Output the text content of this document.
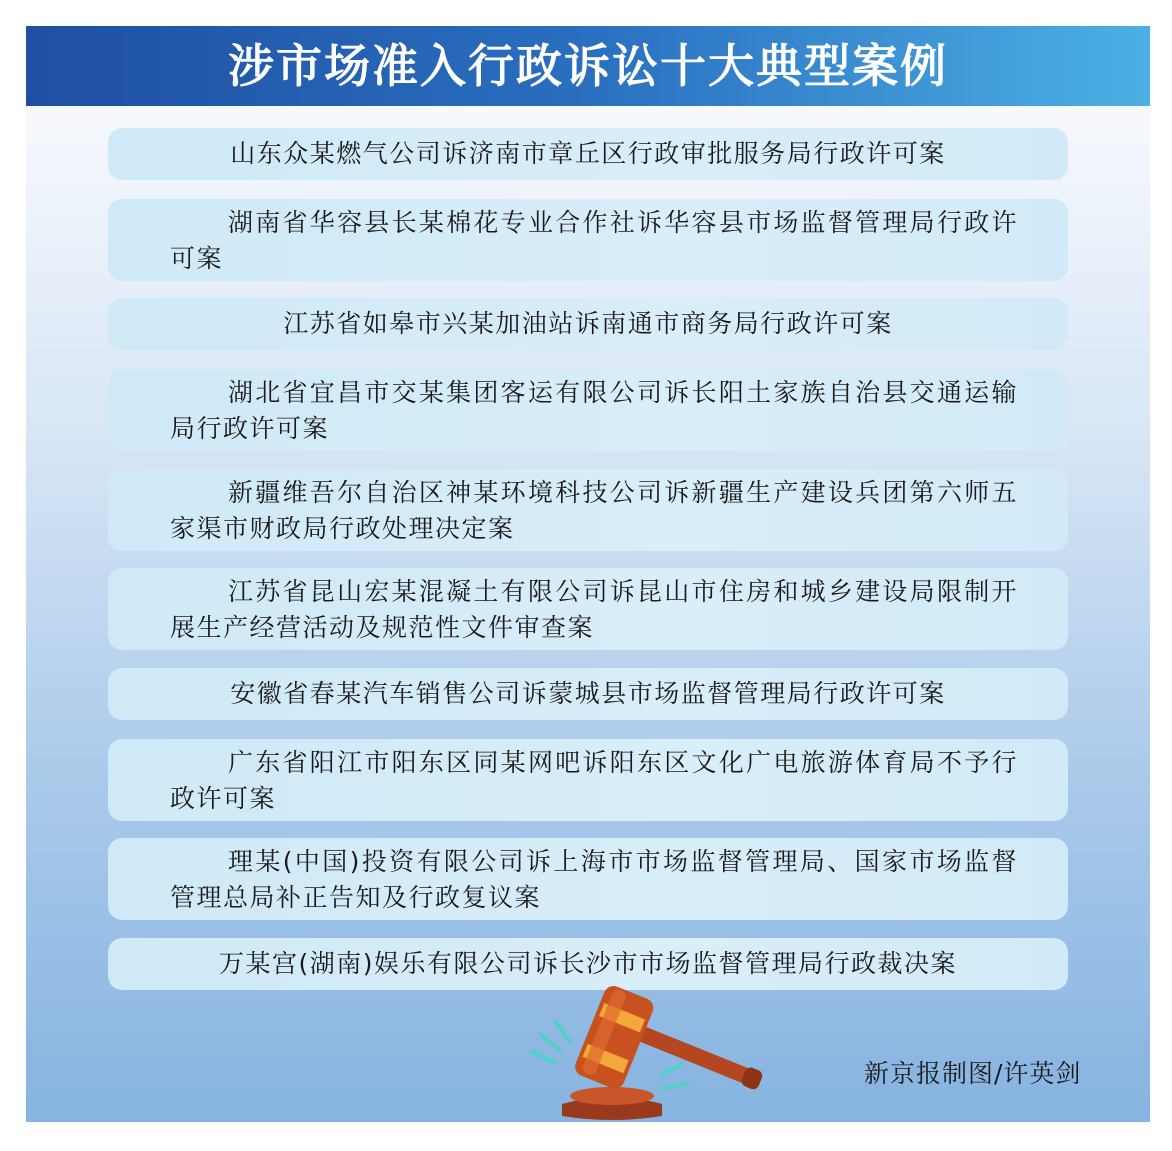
涉市场准入行政诉讼十大典型案例
山东众某燃气公司诉济南市章丘区行政审批服务局行政许可案
湖南省华容县长某棉花专业合作社诉华容县市场监督管理局行政许可案
江苏省如皋市兴某加油站诉南通市商务局行政许可案
湖北省宜昌市交某集团客运有限公司诉长阳土家族自治县交通运输局行政许可案
新疆维吾尔自治区神某环境科技公司诉新疆生产建设兵团第六师五家渠市财政局行政处理决定案
江苏省昆山宏某混凝土有限公司诉昆山市住房和城乡建设局限制开展生产经营活动及规范性文件审查案
安徽省春某汽车销售公司诉蒙城县市场监督管理局行政许可案
广东省阳江市阳东区同某网吧诉阳东区文化广电旅游体育局不予行政许可案
理某(中国)投资有限公司诉上海市市场监督管理局、国家市场监督管理总局补正告知及行政复议案
万某宫(湖南)娱乐有限公司诉长沙市市场监督管理局行政裁决案
新京报制图/许英剑
